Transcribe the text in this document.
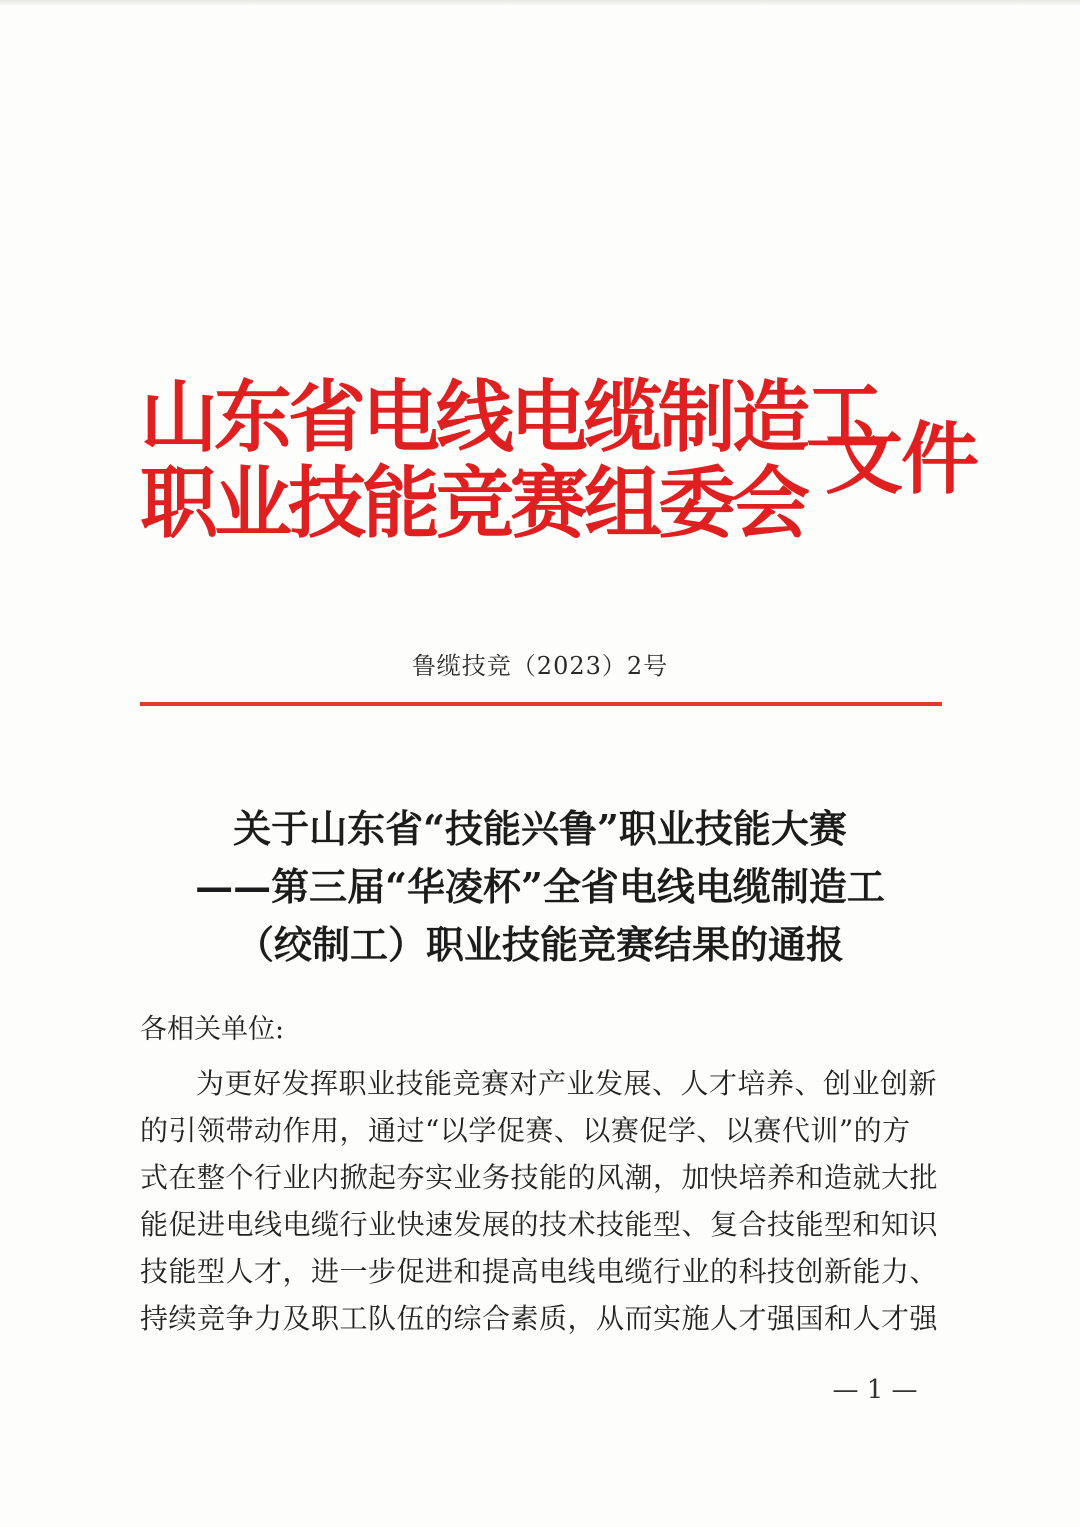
山东省电线电缆制造工
职业技能竞赛组委会 文件
鲁缆技竞（2023）2号
关于山东省“技能兴鲁”职业技能大赛
——第三届“华凌杯”全省电线电缆制造工
（绞制工）职业技能竞赛结果的通报
各相关单位:
为更好发挥职业技能竞赛对产业发展、人才培养、创业创新
的引领带动作用，通过“以学促赛、以赛促学、以赛代训”的方
式在整个行业内掀起夯实业务技能的风潮，加快培养和造就大批
能促进电线电缆行业快速发展的技术技能型、复合技能型和知识
技能型人才，进一步促进和提高电线电缆行业的科技创新能力、
持续竞争力及职工队伍的综合素质，从而实施人才强国和人才强
— 1 —
